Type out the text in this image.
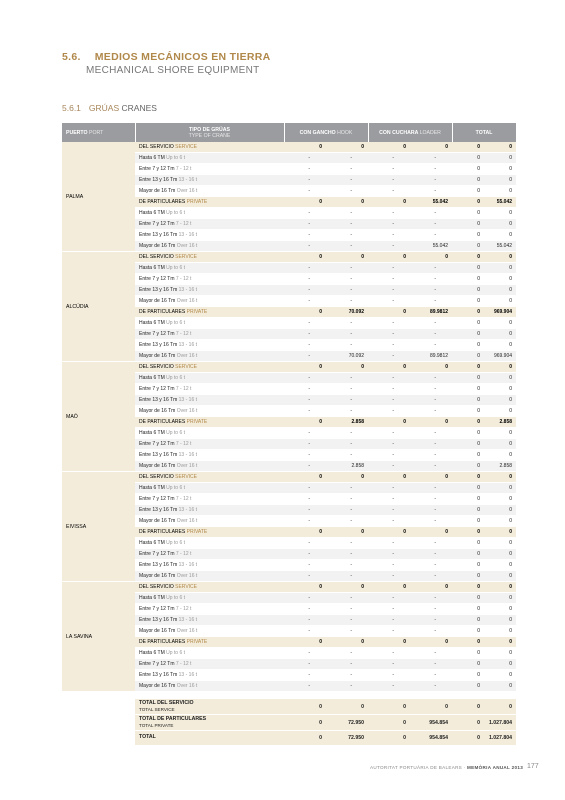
5.6. MEDIOS MECÁNICOS EN TIERRA
MECHANICAL SHORE EQUIPMENT
5.6.1 GRÚAS CRANES
PUERTO PORT	TIPO DE GRÚAS
TYPE OF CRANE	CON GANCHO HOOK		CON CUCHARA LOADER		TOTAL	
PALMA	DEL SERVICIO SERVICE	0	0	0	0	0	0
	Hasta 6 TM Up to 6 t	-	-	-	-	0	0
	Entre 7 y 12 Tm 7 - 12 t	-	-	-	-	0	0
	Entre 13 y 16 Tm 13 - 16 t	-	-	-	-	0	0
	Mayor de 16 Tm Over 16 t	-	-	-	-	0	0
	DE PARTICULARES PRIVATE	0	0	0	55.042	0	55.042
	Hasta 6 TM Up to 6 t	-	-	-	-	0	0
	Entre 7 y 12 Tm 7 - 12 t	-	-	-	-	0	0
	Entre 13 y 16 Tm 13 - 16 t	-	-	-	-	0	0
	Mayor de 16 Tm Over 16 t	-	-	-	55.042	0	55.042
ALCÚDIA	DEL SERVICIO SERVICE	0	0	0	0	0	0
	Hasta 6 TM Up to 6 t	-	-	-	-	0	0
	Entre 7 y 12 Tm 7 - 12 t	-	-	-	-	0	0
	Entre 13 y 16 Tm 13 - 16 t	-	-	-	-	0	0
	Mayor de 16 Tm Over 16 t	-	-	-	-	0	0
	DE PARTICULARES PRIVATE	0	70.092	0	89.9812	0	969.904
	Hasta 6 TM Up to 6 t	-	-	-	-	0	0
	Entre 7 y 12 Tm 7 - 12 t	-	-	-	-	0	0
	Entre 13 y 16 Tm 13 - 16 t	-	-	-	-	0	0
	Mayor de 16 Tm Over 16 t	-	70.092	-	89.9812	0	969.904
MAÓ	DEL SERVICIO SERVICE	0	0	0	0	0	0
	Hasta 6 TM Up to 6 t	-	-	-	-	0	0
	Entre 7 y 12 Tm 7 - 12 t	-	-	-	-	0	0
	Entre 13 y 16 Tm 13 - 16 t	-	-	-	-	0	0
	Mayor de 16 Tm Over 16 t	-	-	-	-	0	0
	DE PARTICULARES PRIVATE	0	2.858	0	0	0	2.858
	Hasta 6 TM Up to 6 t	-	-	-	-	0	0
	Entre 7 y 12 Tm 7 - 12 t	-	-	-	-	0	0
	Entre 13 y 16 Tm 13 - 16 t	-	-	-	-	0	0
	Mayor de 16 Tm Over 16 t	-	2.858	-	-	0	2.858
EIVISSA	DEL SERVICIO SERVICE	0	0	0	0	0	0
	Hasta 6 TM Up to 6 t	-	-	-	-	0	0
	Entre 7 y 12 Tm 7 - 12 t	-	-	-	-	0	0
	Entre 13 y 16 Tm 13 - 16 t	-	-	-	-	0	0
	Mayor de 16 Tm Over 16 t	-	-	-	-	0	0
	DE PARTICULARES PRIVATE	0	0	0	0	0	0
	Hasta 6 TM Up to 6 t	-	-	-	-	0	0
	Entre 7 y 12 Tm 7 - 12 t	-	-	-	-	0	0
	Entre 13 y 16 Tm 13 - 16 t	-	-	-	-	0	0
	Mayor de 16 Tm Over 16 t	-	-	-	-	0	0
LA SAVINA	DEL SERVICIO SERVICE	0	0	0	0	0	0
	Hasta 6 TM Up to 6 t	-	-	-	-	0	0
	Entre 7 y 12 Tm 7 - 12 t	-	-	-	-	0	0
	Entre 13 y 16 Tm 13 - 16 t	-	-	-	-	0	0
	Mayor de 16 Tm Over 16 t	-	-	-	-	0	0
	DE PARTICULARES PRIVATE	0	0	0	0	0	0
	Hasta 6 TM Up to 6 t	-	-	-	-	0	0
	Entre 7 y 12 Tm 7 - 12 t	-	-	-	-	0	0
	Entre 13 y 16 Tm 13 - 16 t	-	-	-	-	0	0
	Mayor de 16 Tm Over 16 t	-	-	-	-	0	0

	TOTAL DEL SERVICIO
TOTAL SERVICE	0	0	0	0	0	0
	TOTAL DE PARTICULARES
TOTAL PRIVATE	0	72.950	0	954.854	0	1.027.804
	TOTAL	0	72.950	0	954.854	0	1.027.804
AUTORITAT PORTUÀRIA DE BALEARS · MEMÒRIA ANUAL 2013 177
